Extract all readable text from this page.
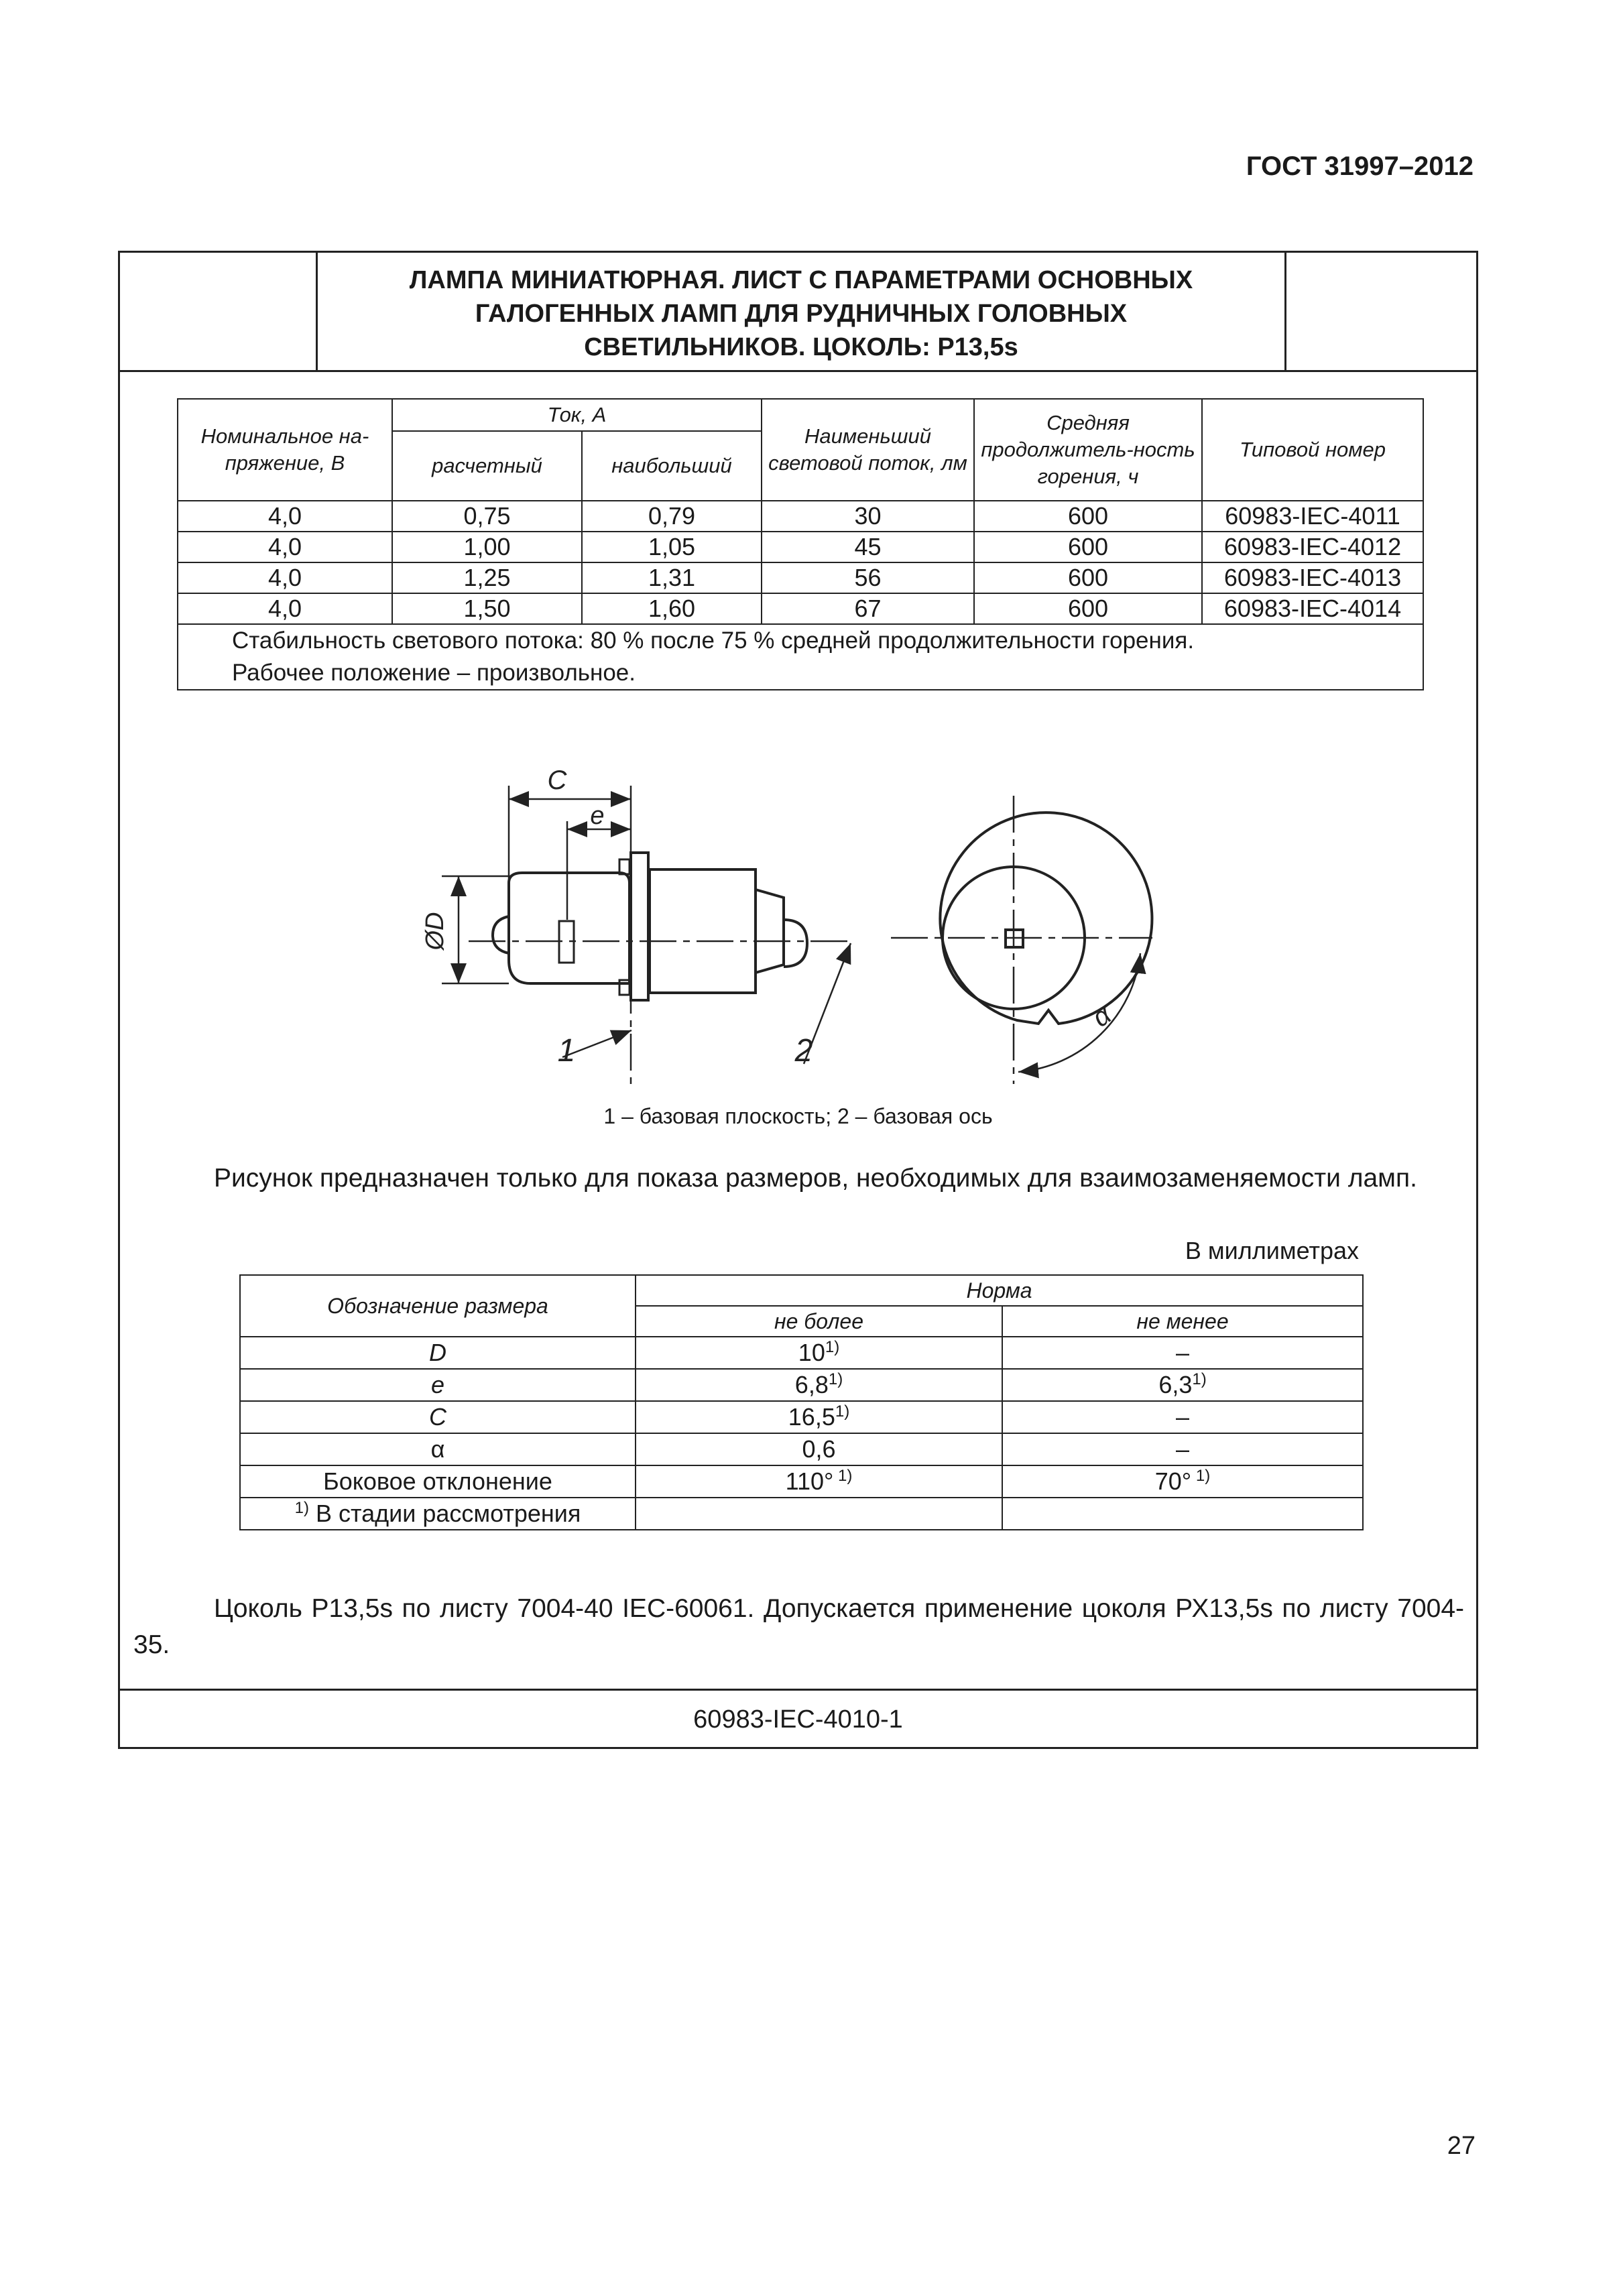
ГОСТ 31997–2012
ЛАМПА МИНИАТЮРНАЯ. ЛИСТ С ПАРАМЕТРАМИ ОСНОВНЫХ
ГАЛОГЕННЫХ ЛАМП ДЛЯ РУДНИЧНЫХ ГОЛОВНЫХ
СВЕТИЛЬНИКОВ. ЦОКОЛЬ: Р13,5s
Номинальное на-пряжение, В	Ток, А		Наименьший световой поток, лм	Средняя продолжитель-ность горения, ч	Типовой номер
	расчетный	наибольший			
4,0	0,75	0,79	30	600	60983-IEC-4011
4,0	1,00	1,05	45	600	60983-IEC-4012
4,0	1,25	1,31	56	600	60983-IEC-4013
4,0	1,50	1,60	67	600	60983-IEC-4014

Стабильность светового потока: 80 % после 75 % средней продолжительности горения.
Рабочее положение – произвольное.					
C
e
ØD
1	2
α
1 – базовая плоскость; 2 – базовая ось
Рисунок предназначен только для показа размеров, необходимых для взаимозаменяемости ламп.
В миллиметрах
Обозначение размера	Норма	
	не более	не менее
D	10$^{1)}$	–
e	6,8$^{1)}$	6,3$^{1)}$
C	16,5$^{1)}$	–
α	0,6	–
Боковое отклонение	110° $^{1)}$	70° $^{1)}$
$^{1)}$ В стадии рассмотрения		
Цоколь Р13,5s по листу 7004-40 IEC-60061. Допускается применение цоколя РХ13,5s по листу 7004-35.
60983-IEC-4010-1
27
